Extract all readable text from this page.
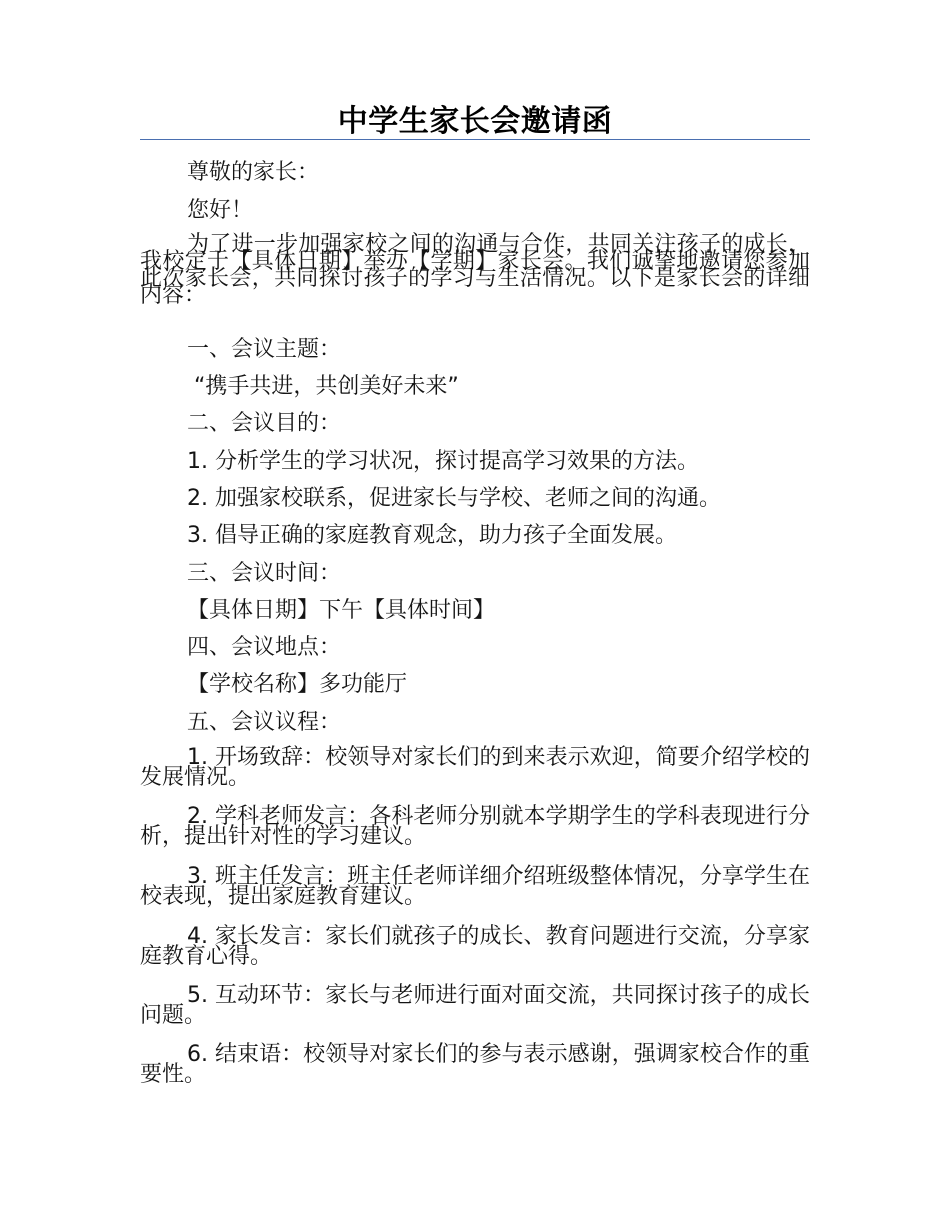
中学生家长会邀请函

尊敬的家长：

您好！

为了进一步加强家校之间的沟通与合作，共同关注孩子的成长，我校定于【具体日期】举办【学期】家长会。我们诚挚地邀请您参加此次家长会，共同探讨孩子的学习与生活情况。以下是家长会的详细内容：

一、会议主题：

“携手共进，共创美好未来”

二、会议目的：

1. 分析学生的学习状况，探讨提高学习效果的方法。

2. 加强家校联系，促进家长与学校、老师之间的沟通。

3. 倡导正确的家庭教育观念，助力孩子全面发展。

三、会议时间：

【具体日期】下午【具体时间】

四、会议地点：

【学校名称】多功能厅

五、会议议程：

1. 开场致辞：校领导对家长们的到来表示欢迎，简要介绍学校的发展情况。

2. 学科老师发言：各科老师分别就本学期学生的学科表现进行分析，提出针对性的学习建议。

3. 班主任发言：班主任老师详细介绍班级整体情况，分享学生在校表现，提出家庭教育建议。

4. 家长发言：家长们就孩子的成长、教育问题进行交流，分享家庭教育心得。

5. 互动环节：家长与老师进行面对面交流，共同探讨孩子的成长问题。

6. 结束语：校领导对家长们的参与表示感谢，强调家校合作的重要性。
